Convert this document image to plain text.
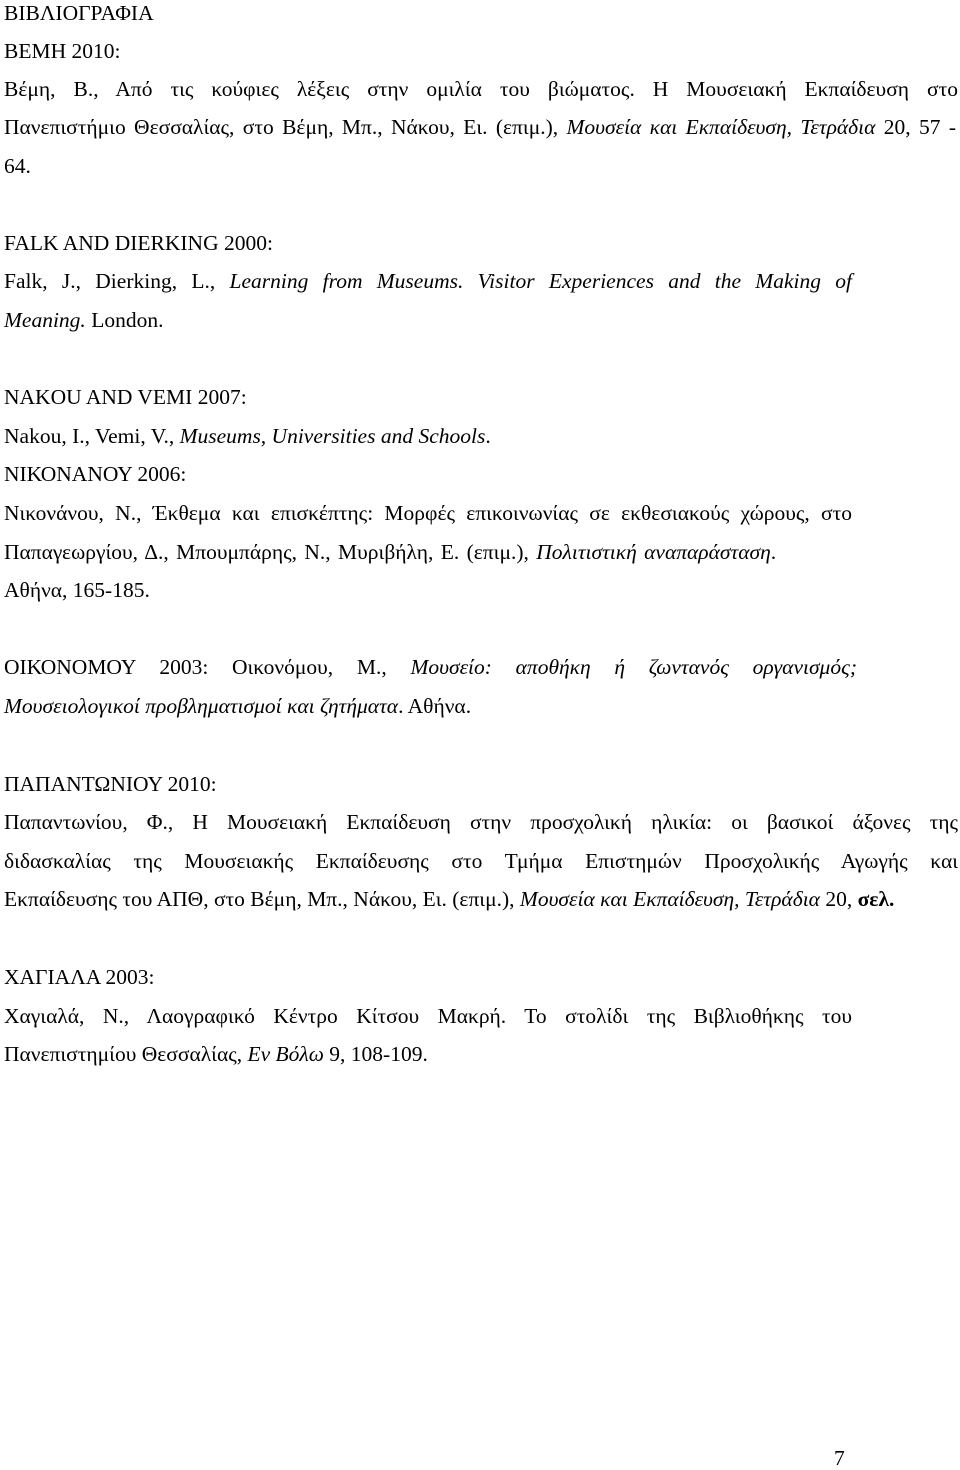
ΒΙΒΛΙΟΓΡΑΦΙΑ
ΒΕΜΗ 2010:
Βέμη, Β., Από τις κούφιες λέξεις στην ομιλία του βιώματος. Η Μουσειακή Εκπαίδευση στο
Πανεπιστήμιο Θεσσαλίας, στο Βέμη, Μπ., Νάκου, Ει. (επιμ.), Μουσεία και Εκπαίδευση, Τετράδια 20, 57 -
64.
FALK AND DIERKING 2000:
Falk, J., Dierking, L., Learning from Museums. Visitor Experiences and the Making of
Meaning. London.
NAKOU AND VEMI 2007:
Nakou, I., Vemi, V., Museums, Universities and Schools.
ΝΙΚΟΝΑΝΟΥ 2006:
Νικονάνου, Ν., Έκθεμα και επισκέπτης: Μορφές επικοινωνίας σε εκθεσιακούς χώρους, στο
Παπαγεωργίου, Δ., Μπουμπάρης, Ν., Μυριβήλη, Ε. (επιμ.), Πολιτιστική αναπαράσταση.
Αθήνα, 165-185.
ΟΙΚΟΝΟΜΟΥ 2003: Οικονόμου, Μ., Μουσείο: αποθήκη ή ζωντανός οργανισμός;
Μουσειολογικοί προβληματισμοί και ζητήματα. Αθήνα.
ΠΑΠΑΝΤΩΝΙΟΥ 2010:
Παπαντωνίου, Φ., Η Μουσειακή Εκπαίδευση στην προσχολική ηλικία: οι βασικοί άξονες της
διδασκαλίας της Μουσειακής Εκπαίδευσης στο Τμήμα Επιστημών Προσχολικής Αγωγής και
Εκπαίδευσης του ΑΠΘ, στο Βέμη, Μπ., Νάκου, Ει. (επιμ.), Μουσεία και Εκπαίδευση, Τετράδια 20, σελ.
ΧΑΓΙΑΛΑ 2003:
Χαγιαλά, Ν., Λαογραφικό Κέντρο Κίτσου Μακρή. Το στολίδι της Βιβλιοθήκης του
Πανεπιστημίου Θεσσαλίας, Εν Βόλω 9, 108-109.
7
